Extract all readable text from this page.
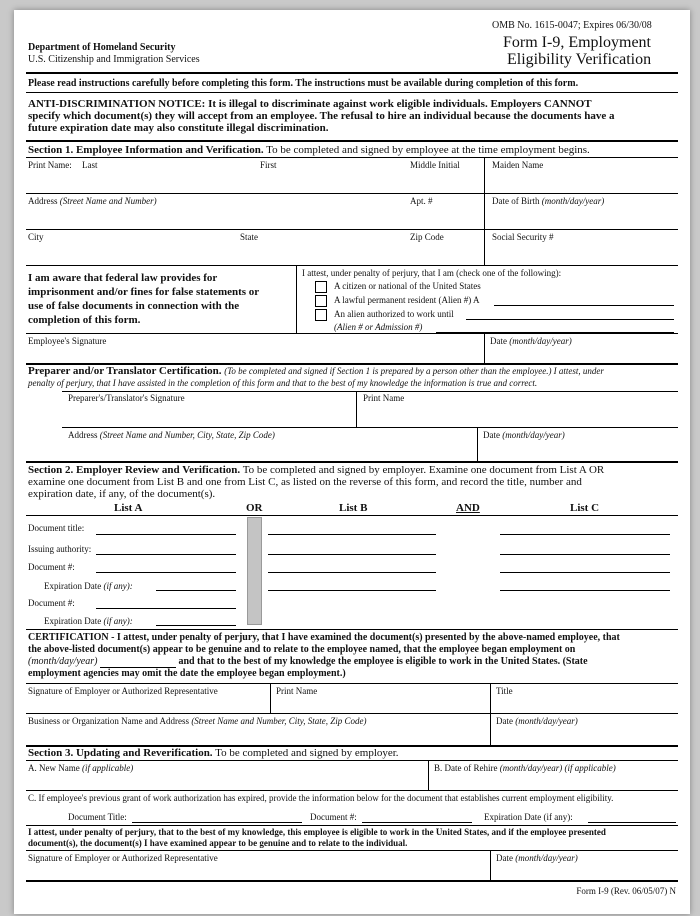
OMB No. 1615-0047; Expires 06/30/08
Department of Homeland Security
U.S. Citizenship and Immigration Services
Form I-9, Employment
Eligibility Verification
Please read instructions carefully before completing this form. The instructions must be available during completion of this form.
ANTI-DISCRIMINATION NOTICE: It is illegal to discriminate against work eligible individuals. Employers CANNOT
specify which document(s) they will accept from an employee. The refusal to hire an individual because the documents have a
future expiration date may also constitute illegal discrimination.
Section 1. Employee Information and Verification. To be completed and signed by employee at the time employment begins.
Print Name: Last	First	Middle Initial	Maiden Name
Address (Street Name and Number)	Apt. #	Date of Birth (month/day/year)
City	State	Zip Code	Social Security #
I am aware that federal law provides for
imprisonment and/or fines for false statements or
use of false documents in connection with the
completion of this form.
I attest, under penalty of perjury, that I am (check one of the following):
A citizen or national of the United States
A lawful permanent resident (Alien #) A
An alien authorized to work until
(Alien # or Admission #)
Employee's Signature	Date (month/day/year)
Preparer and/or Translator Certification. (To be completed and signed if Section 1 is prepared by a person other than the employee.) I attest, under
penalty of perjury, that I have assisted in the completion of this form and that to the best of my knowledge the information is true and correct.
Preparer's/Translator's Signature	Print Name
Address (Street Name and Number, City, State, Zip Code)	Date (month/day/year)
Section 2. Employer Review and Verification. To be completed and signed by employer. Examine one document from List A OR
examine one document from List B and one from List C, as listed on the reverse of this form, and record the title, number and
expiration date, if any, of the document(s).
List A	OR	List B	AND	List C
Document title:
Issuing authority:
Document #:
Expiration Date (if any):
Document #:
Expiration Date (if any):
CERTIFICATION - I attest, under penalty of perjury, that I have examined the document(s) presented by the above-named employee, that
the above-listed document(s) appear to be genuine and to relate to the employee named, that the employee began employment on
(month/day/year)	and that to the best of my knowledge the employee is eligible to work in the United States. (State
employment agencies may omit the date the employee began employment.)
Signature of Employer or Authorized Representative	Print Name	Title
Business or Organization Name and Address (Street Name and Number, City, State, Zip Code)	Date (month/day/year)
Section 3. Updating and Reverification. To be completed and signed by employer.
A. New Name (if applicable)	B. Date of Rehire (month/day/year) (if applicable)
C. If employee's previous grant of work authorization has expired, provide the information below for the document that establishes current employment eligibility.
Document Title:	Document #:	Expiration Date (if any):
I attest, under penalty of perjury, that to the best of my knowledge, this employee is eligible to work in the United States, and if the employee presented
document(s), the document(s) I have examined appear to be genuine and to relate to the individual.
Signature of Employer or Authorized Representative	Date (month/day/year)
Form I-9 (Rev. 06/05/07) N
